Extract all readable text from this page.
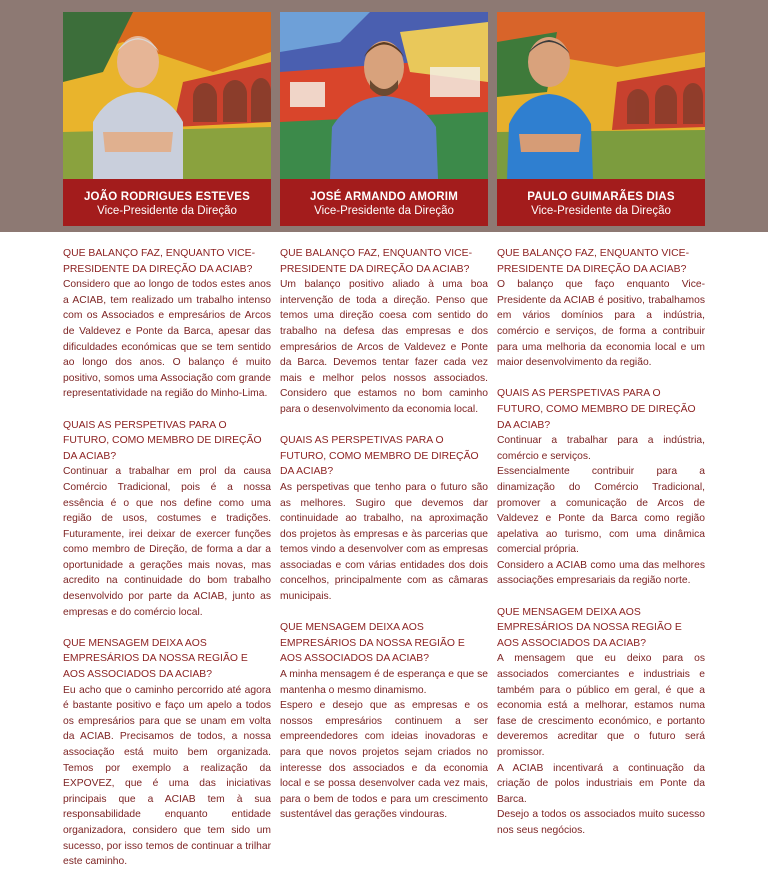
JOÃO RODRIGUES ESTEVES
Vice-Presidente da Direção
JOSÉ ARMANDO AMORIM
Vice-Presidente da Direção
PAULO GUIMARÃES DIAS
Vice-Presidente da Direção
QUE BALANÇO FAZ, ENQUANTO VICE-PRESIDENTE DA DIREÇÃO DA ACIAB?

Considero que ao longo de todos estes anos a ACIAB, tem realizado um trabalho intenso com os Associados e empresários de Arcos de Valdevez e Ponte da Barca, apesar das dificuldades económicas que se tem sentido ao longo dos anos. O balanço é muito positivo, somos uma Associação com grande representatividade na região do Minho-Lima.

QUAIS AS PERSPETIVAS PARA O FUTURO, COMO MEMBRO DE DIREÇÃO DA ACIAB?

Continuar a trabalhar em prol da causa Comércio Tradicional, pois é a nossa essência é o que nos define como uma região de usos, costumes e tradições. Futuramente, irei deixar de exercer funções como membro de Direção, de forma a dar a oportunidade a gerações mais novas, mas acredito na continuidade do bom trabalho desenvolvido por parte da ACIAB, junto as empresas e do comércio local.

QUE MENSAGEM DEIXA AOS EMPRESÁRIOS DA NOSSA REGIÃO E AOS ASSOCIADOS DA ACIAB?

Eu acho que o caminho percorrido até agora é bastante positivo e faço um apelo a todos os empresários para que se unam em volta da ACIAB. Precisamos de todos, a nossa associação está muito bem organizada. Temos por exemplo a realização da EXPOVEZ, que é uma das iniciativas principais que a ACIAB tem à sua responsabilidade enquanto entidade organizadora, considero que tem sido um sucesso, por isso temos de continuar a trilhar este caminho.

QUE BALANÇO FAZ, ENQUANTO VICE-PRESIDENTE DA DIREÇÃO DA ACIAB?

Um balanço positivo aliado à uma boa intervenção de toda a direção. Penso que temos uma direção coesa com sentido do trabalho na defesa das empresas e dos empresários de Arcos de Valdevez e Ponte da Barca. Devemos tentar fazer cada vez mais e melhor pelos nossos associados. Considero que estamos no bom caminho para o desenvolvimento da economia local.

QUAIS AS PERSPETIVAS PARA O FUTURO, COMO MEMBRO DE DIREÇÃO DA ACIAB?

As perspetivas que tenho para o futuro são as melhores. Sugiro que devemos dar continuidade ao trabalho, na aproximação dos projetos às empresas e às parcerias que temos vindo a desenvolver com as empresas associadas e com várias entidades dos dois concelhos, principalmente com as câmaras municipais.

QUE MENSAGEM DEIXA AOS EMPRESÁRIOS DA NOSSA REGIÃO E AOS ASSOCIADOS DA ACIAB?

A minha mensagem é de esperança e que se mantenha o mesmo dinamismo.

Espero e desejo que as empresas e os nossos empresários continuem a ser empreendedores com ideias inovadoras e para que novos projetos sejam criados no interesse dos associados e da economia local e se possa desenvolver cada vez mais, para o bem de todos e para um crescimento sustentável das gerações vindouras.

QUE BALANÇO FAZ, ENQUANTO VICE-PRESIDENTE DA DIREÇÃO DA ACIAB?

O balanço que faço enquanto Vice-Presidente da ACIAB é positivo, trabalhamos em vários domínios para a indústria, comércio e serviços, de forma a contribuir para uma melhoria da economia local e um maior desenvolvimento da região.

QUAIS AS PERSPETIVAS PARA O FUTURO, COMO MEMBRO DE DIREÇÃO DA ACIAB?

Continuar a trabalhar para a indústria, comércio e serviços.

Essencialmente contribuir para a dinamização do Comércio Tradicional, promover a comunicação de Arcos de Valdevez e Ponte da Barca como região apelativa ao turismo, com uma dinâmica comercial própria.

Considero a ACIAB como uma das melhores associações empresariais da região norte.

QUE MENSAGEM DEIXA AOS EMPRESÁRIOS DA NOSSA REGIÃO E AOS ASSOCIADOS DA ACIAB?

A mensagem que eu deixo para os associados comerciantes e industriais e também para o público em geral, é que a economia está a melhorar, estamos numa fase de crescimento económico, e portanto deveremos acreditar que o futuro será promissor.

A ACIAB incentivará a continuação da criação de polos industriais em Ponte da Barca.

Desejo a todos os associados muito sucesso nos seus negócios.
